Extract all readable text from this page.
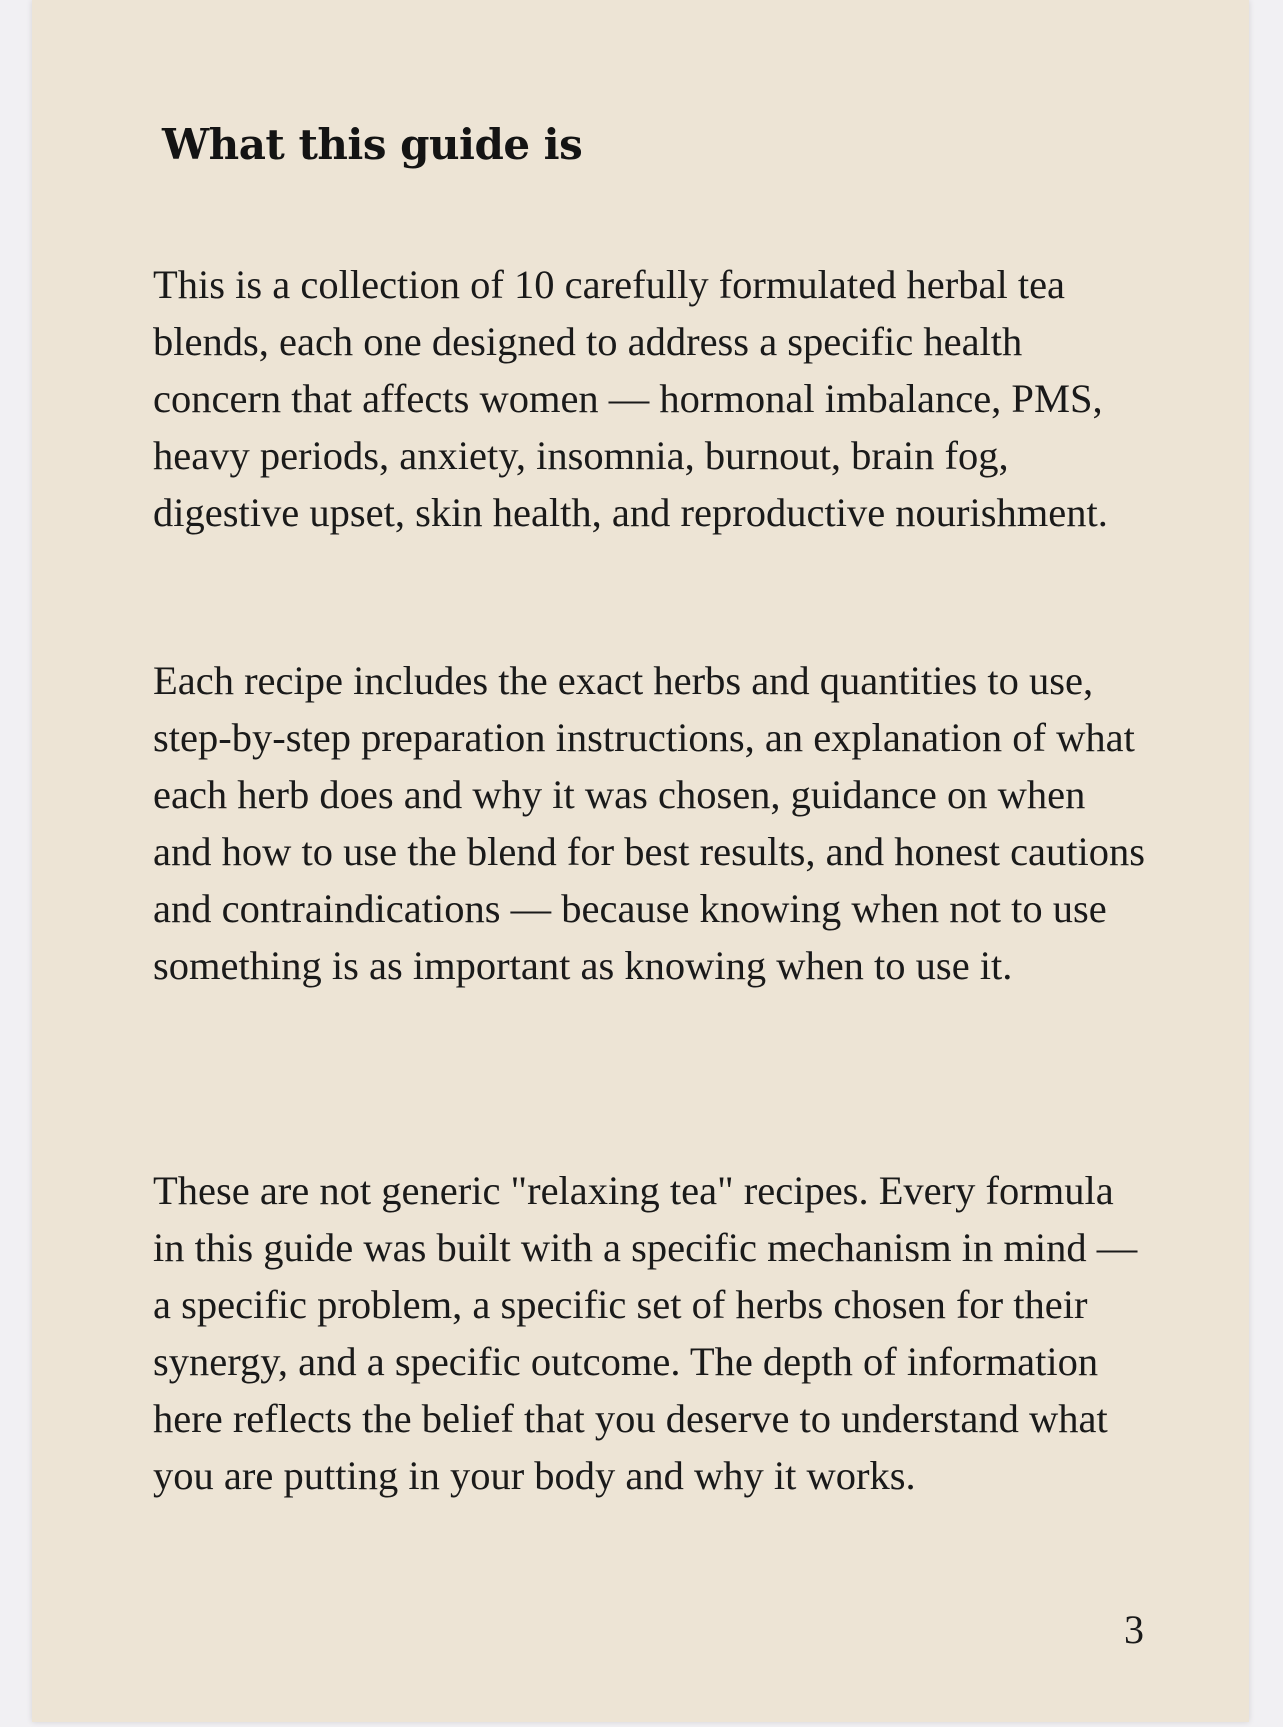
What this guide is

This is a collection of 10 carefully formulated herbal tea blends, each one designed to address a specific health concern that affects women — hormonal imbalance, PMS, heavy periods, anxiety, insomnia, burnout, brain fog, digestive upset, skin health, and reproductive nourishment.

Each recipe includes the exact herbs and quantities to use, step-by-step preparation instructions, an explanation of what each herb does and why it was chosen, guidance on when and how to use the blend for best results, and honest cautions and contraindications — because knowing when not to use something is as important as knowing when to use it.

These are not generic "relaxing tea" recipes. Every formula in this guide was built with a specific mechanism in mind — a specific problem, a specific set of herbs chosen for their synergy, and a specific outcome. The depth of information here reflects the belief that you deserve to understand what you are putting in your body and why it works.

3
